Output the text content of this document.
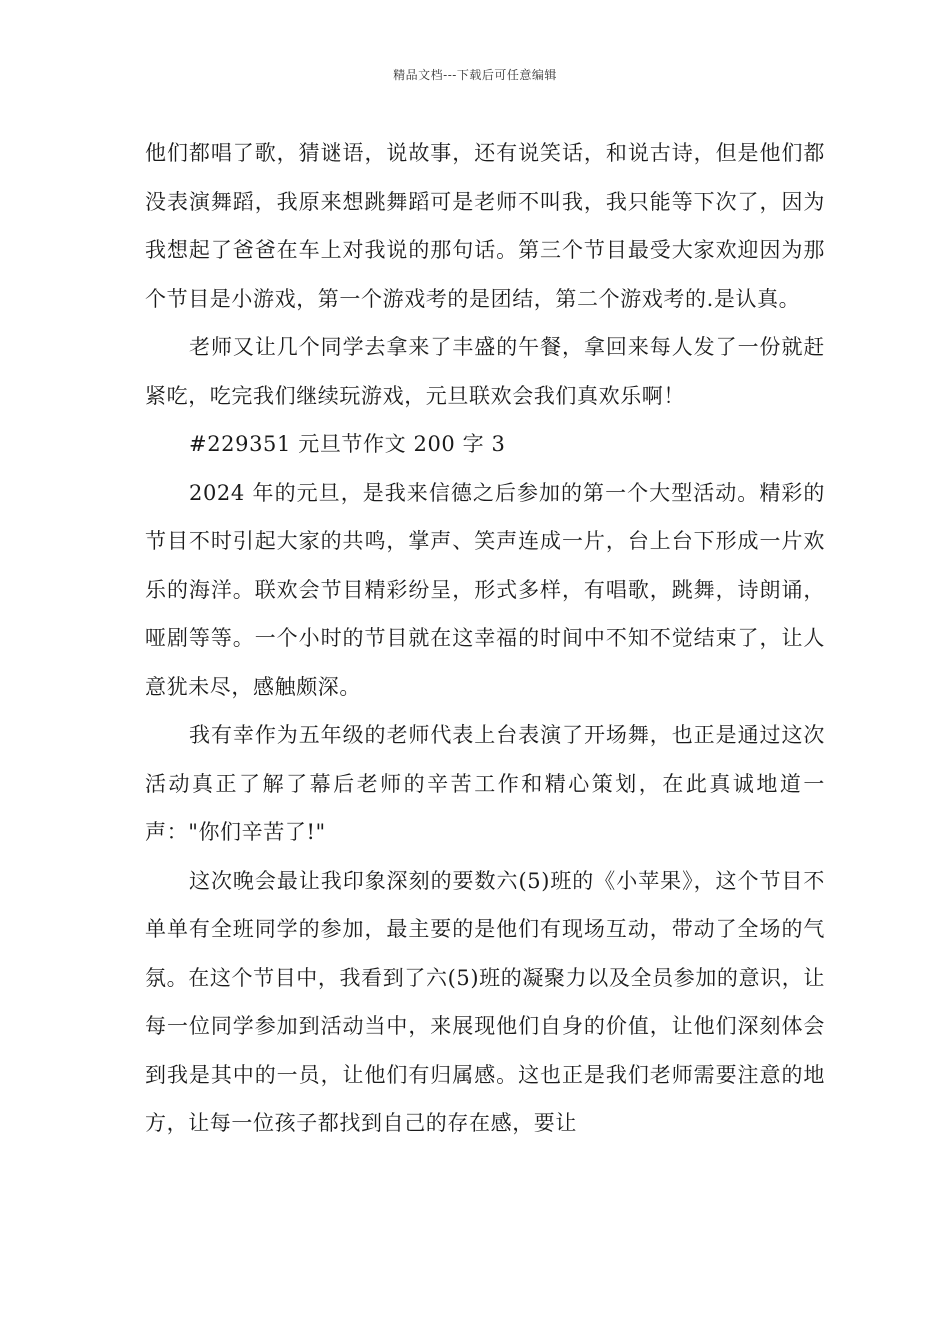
精品文档---下载后可任意编辑

他们都唱了歌，猜谜语，说故事，还有说笑话，和说古诗，但是他们都没表演舞蹈，我原来想跳舞蹈可是老师不叫我，我只能等下次了，因为我想起了爸爸在车上对我说的那句话。第三个节目最受大家欢迎因为那个节目是小游戏，第一个游戏考的是团结，第二个游戏考的.是认真。

老师又让几个同学去拿来了丰盛的午餐，拿回来每人发了一份就赶紧吃，吃完我们继续玩游戏，元旦联欢会我们真欢乐啊！

#229351 元旦节作文 200 字 3

2024 年的元旦，是我来信德之后参加的第一个大型活动。精彩的节目不时引起大家的共鸣，掌声、笑声连成一片，台上台下形成一片欢乐的海洋。联欢会节目精彩纷呈，形式多样，有唱歌，跳舞，诗朗诵，哑剧等等。一个小时的节目就在这幸福的时间中不知不觉结束了，让人意犹未尽，感触颇深。

我有幸作为五年级的老师代表上台表演了开场舞，也正是通过这次活动真正了解了幕后老师的辛苦工作和精心策划，在此真诚地道一声："你们辛苦了!"

这次晚会最让我印象深刻的要数六(5)班的《小苹果》，这个节目不单单有全班同学的参加，最主要的是他们有现场互动，带动了全场的气氛。在这个节目中，我看到了六(5)班的凝聚力以及全员参加的意识，让每一位同学参加到活动当中，来展现他们自身的价值，让他们深刻体会到我是其中的一员，让他们有归属感。这也正是我们老师需要注意的地方，让每一位孩子都找到自己的存在感，要让
